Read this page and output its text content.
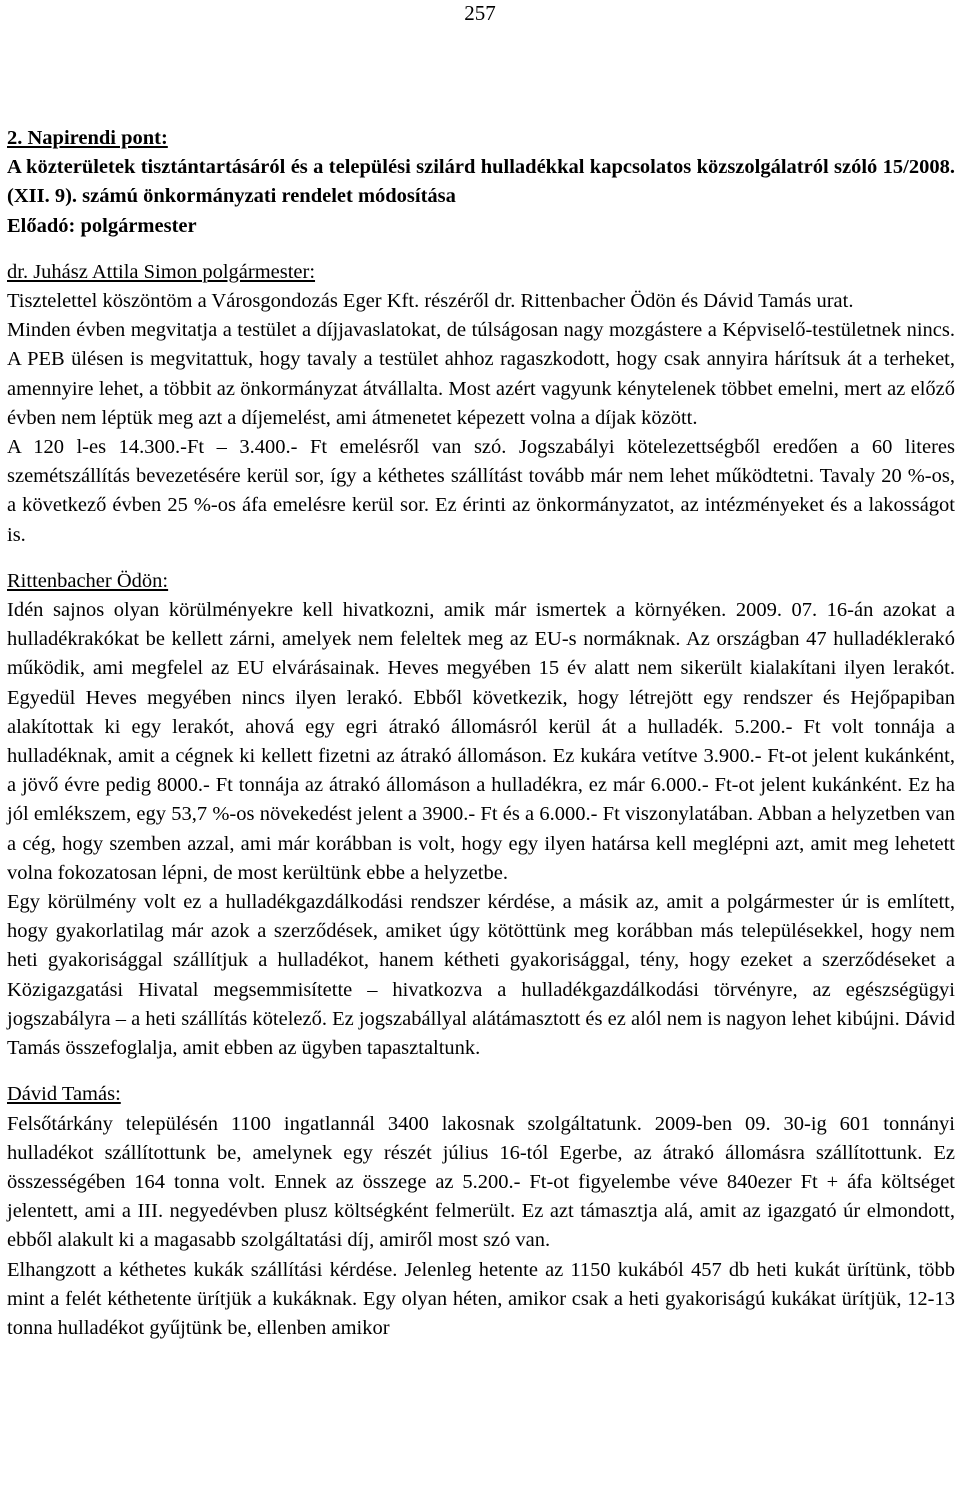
257

2. Napirendi pont:

A közterületek tisztántartásáról és a települési szilárd hulladékkal kapcsolatos közszolgálatról szóló 15/2008. (XII. 9). számú önkormányzati rendelet módosítása

Előadó: polgármester

dr. Juhász Attila Simon polgármester:

Tisztelettel köszöntöm a Városgondozás Eger Kft. részéről dr. Rittenbacher Ödön és Dávid Tamás urat.

Minden évben megvitatja a testület a díjjavaslatokat, de túlságosan nagy mozgástere a Képviselő-testületnek nincs. A PEB ülésen is megvitattuk, hogy tavaly a testület ahhoz ragaszkodott, hogy csak annyira hárítsuk át a terheket, amennyire lehet, a többit az önkormányzat átvállalta. Most azért vagyunk kénytelenek többet emelni, mert az előző évben nem léptük meg azt a díjemelést, ami átmenetet képezett volna a díjak között.

A 120 l-es 14.300.-Ft – 3.400.- Ft emelésről van szó. Jogszabályi kötelezettségből eredően a 60 literes szemétszállítás bevezetésére kerül sor, így a kéthetes szállítást tovább már nem lehet működtetni. Tavaly 20 %-os, a következő évben 25 %-os áfa emelésre kerül sor. Ez érinti az önkormányzatot, az intézményeket és a lakosságot is.

Rittenbacher Ödön:

Idén sajnos olyan körülményekre kell hivatkozni, amik már ismertek a környéken. 2009. 07. 16-án azokat a hulladékrakókat be kellett zárni, amelyek nem feleltek meg az EU-s normáknak. Az országban 47 hulladéklerakó működik, ami megfelel az EU elvárásainak. Heves megyében 15 év alatt nem sikerült kialakítani ilyen lerakót. Egyedül Heves megyében nincs ilyen lerakó. Ebből következik, hogy létrejött egy rendszer és Hejőpapiban alakítottak ki egy lerakót, ahová egy egri átrakó állomásról kerül át a hulladék. 5.200.- Ft volt tonnája a hulladéknak, amit a cégnek ki kellett fizetni az átrakó állomáson. Ez kukára vetítve 3.900.- Ft-ot jelent kukánként, a jövő évre pedig 8000.- Ft tonnája az átrakó állomáson a hulladékra, ez már 6.000.- Ft-ot jelent kukánként. Ez ha jól emlékszem, egy 53,7 %-os növekedést jelent a 3900.- Ft és a 6.000.- Ft viszonylatában. Abban a helyzetben van a cég, hogy szemben azzal, ami már korábban is volt, hogy egy ilyen határsa kell meglépni azt, amit meg lehetett volna fokozatosan lépni, de most kerültünk ebbe a helyzetbe.

Egy körülmény volt ez a hulladékgazdálkodási rendszer kérdése, a másik az, amit a polgármester úr is említett, hogy gyakorlatilag már azok a szerződések, amiket úgy kötöttünk meg korábban más településekkel, hogy nem heti gyakorisággal szállítjuk a hulladékot, hanem kétheti gyakorisággal, tény, hogy ezeket a szerződéseket a Közigazgatási Hivatal megsemmisítette – hivatkozva a hulladékgazdálkodási törvényre, az egészségügyi jogszabályra – a heti szállítás kötelező. Ez jogszabállyal alátámasztott és ez alól nem is nagyon lehet kibújni. Dávid Tamás összefoglalja, amit ebben az ügyben tapasztaltunk.

Dávid Tamás:

Felsőtárkány településén 1100 ingatlannál 3400 lakosnak szolgáltatunk. 2009-ben 09. 30-ig 601 tonnányi hulladékot szállítottunk be, amelynek egy részét július 16-tól Egerbe, az átrakó állomásra szállítottunk. Ez összességében 164 tonna volt. Ennek az összege az 5.200.- Ft-ot figyelembe véve 840ezer Ft + áfa költséget jelentett, ami a III. negyedévben plusz költségként felmerült. Ez azt támasztja alá, amit az igazgató úr elmondott, ebből alakult ki a magasabb szolgáltatási díj, amiről most szó van.

Elhangzott a kéthetes kukák szállítási kérdése. Jelenleg hetente az 1150 kukából 457 db heti kukát ürítünk, több mint a felét kéthetente ürítjük a kukáknak. Egy olyan héten, amikor csak a heti gyakoriságú kukákat ürítjük, 12-13 tonna hulladékot gyűjtünk be, ellenben amikor
